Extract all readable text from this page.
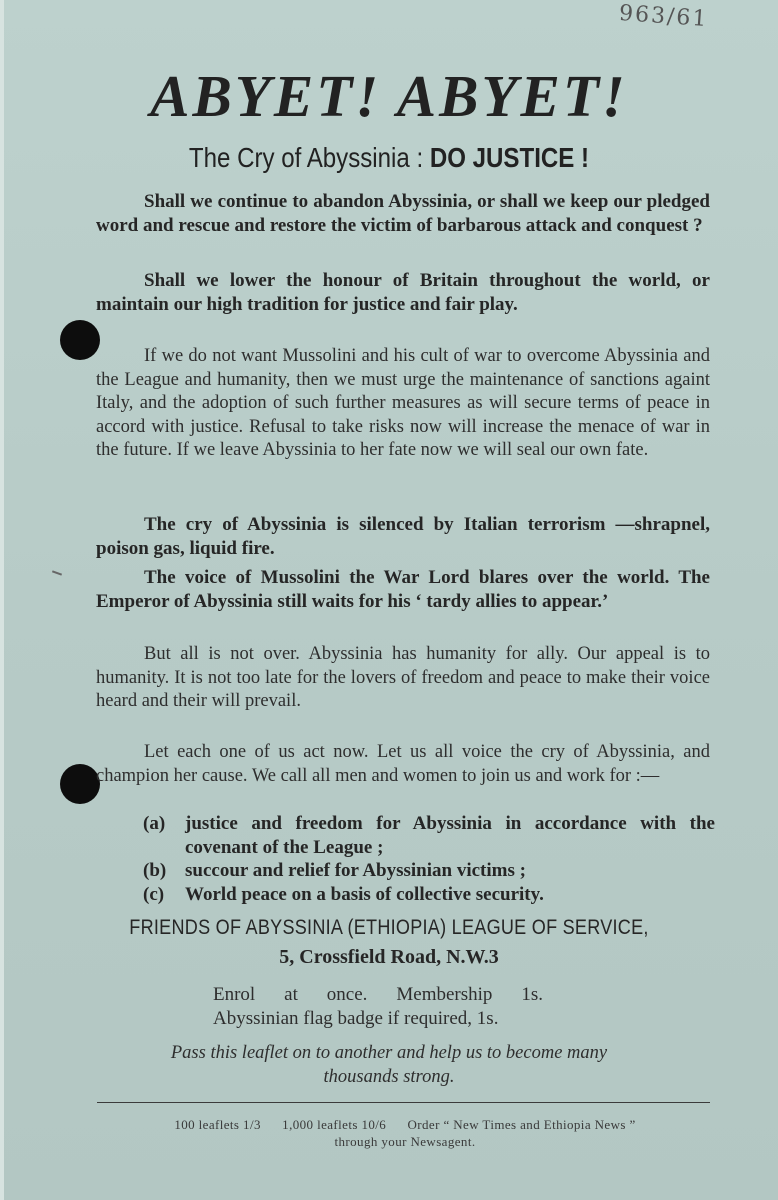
963/61
ABYET! ABYET!
The Cry of Abyssinia : DO JUSTICE !

Shall we continue to abandon Abyssinia, or shall we keep our pledged word and rescue and restore the victim of barbarous attack and conquest ?

Shall we lower the honour of Britain throughout the world, or maintain our high tradition for justice and fair play.

If we do not want Mussolini and his cult of war to overcome Abyssinia and the League and humanity, then we must urge the maintenance of sanctions againt Italy, and the adoption of such further measures as will secure terms of peace in accord with justice. Refusal to take risks now will increase the menace of war in the future. If we leave Abyssinia to her fate now we will seal our own fate.

The cry of Abyssinia is silenced by Italian terrorism —shrapnel, poison gas, liquid fire.

The voice of Mussolini the War Lord blares over the world. The Emperor of Abyssinia still waits for his ‘ tardy allies to appear.’

But all is not over. Abyssinia has humanity for ally. Our appeal is to humanity. It is not too late for the lovers of freedom and peace to make their voice heard and their will prevail.

Let each one of us act now. Let us all voice the cry of Abyssinia, and champion her cause. We call all men and women to join us and work for :—

(a)	justice and freedom for Abyssinia in accordance with the covenant of the League ;
(b) succour and relief for Abyssinian victims ;
(c)	World peace on a basis of collective security.
FRIENDS OF ABYSSINIA (ETHIOPIA) LEAGUE OF SERVICE,
5, Crossfield Road, N.W.3
Enrol at once. Membership 1s.
Abyssinian flag badge if required, 1s.
Pass this leaflet on to another and help us to become many
thousands strong.
100 leaflets 1/3 1,000 leaflets 10/6 Order “ New Times and Ethiopia News ”
through your Newsagent.
